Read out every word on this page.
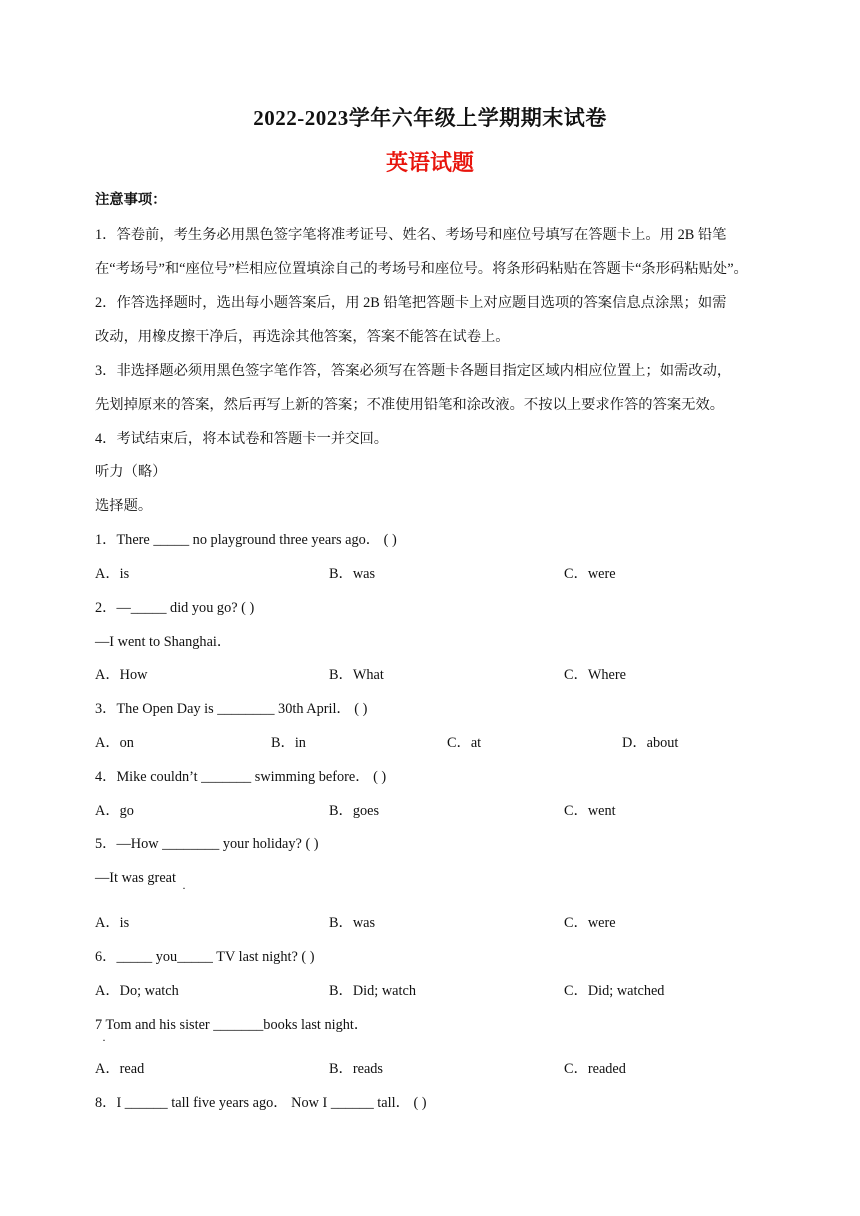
2022-2023学年六年级上学期期末试卷
英语试题
注意事项：
1．答卷前，考生务必用黑色签字笔将准考证号、姓名、考场号和座位号填写在答题卡上。用 2B 铅笔
在“考场号”和“座位号”栏相应位置填涂自己的考场号和座位号。将条形码粘贴在答题卡“条形码粘贴处”。
2．作答选择题时，选出每小题答案后，用 2B 铅笔把答题卡上对应题目选项的答案信息点涂黑；如需
改动，用橡皮擦干净后，再选涂其他答案，答案不能答在试卷上。
3．非选择题必须用黑色签字笔作答，答案必须写在答题卡各题目指定区域内相应位置上；如需改动，
先划掉原来的答案，然后再写上新的答案；不准使用铅笔和涂改液。不按以上要求作答的答案无效。
4．考试结束后，将本试卷和答题卡一并交回。
听力（略）
选择题。
1．There _____ no playground three years ago． ( )
A．is	B．was	C．were
2．—_____ did you go? ( )
—I went to Shanghai．
A．How	B．What	C．Where
3．The Open Day is ________ 30th April． ( )
A．on	B．in	C．at	D．about
4．Mike couldn’t _______ swimming before． ( )
A．go	B．goes	C．went
5．—How ________ your holiday? ( )
—It was great
·
A．is	B．was	C．were
6．_____ you_____ TV last night? ( )
A．Do; watch	B．Did; watch	C．Did; watched
7 Tom and his sister _______books last night．
·
A．read	B．reads	C．readed
8．I ______ tall five years ago． Now I ______ tall． ( )
